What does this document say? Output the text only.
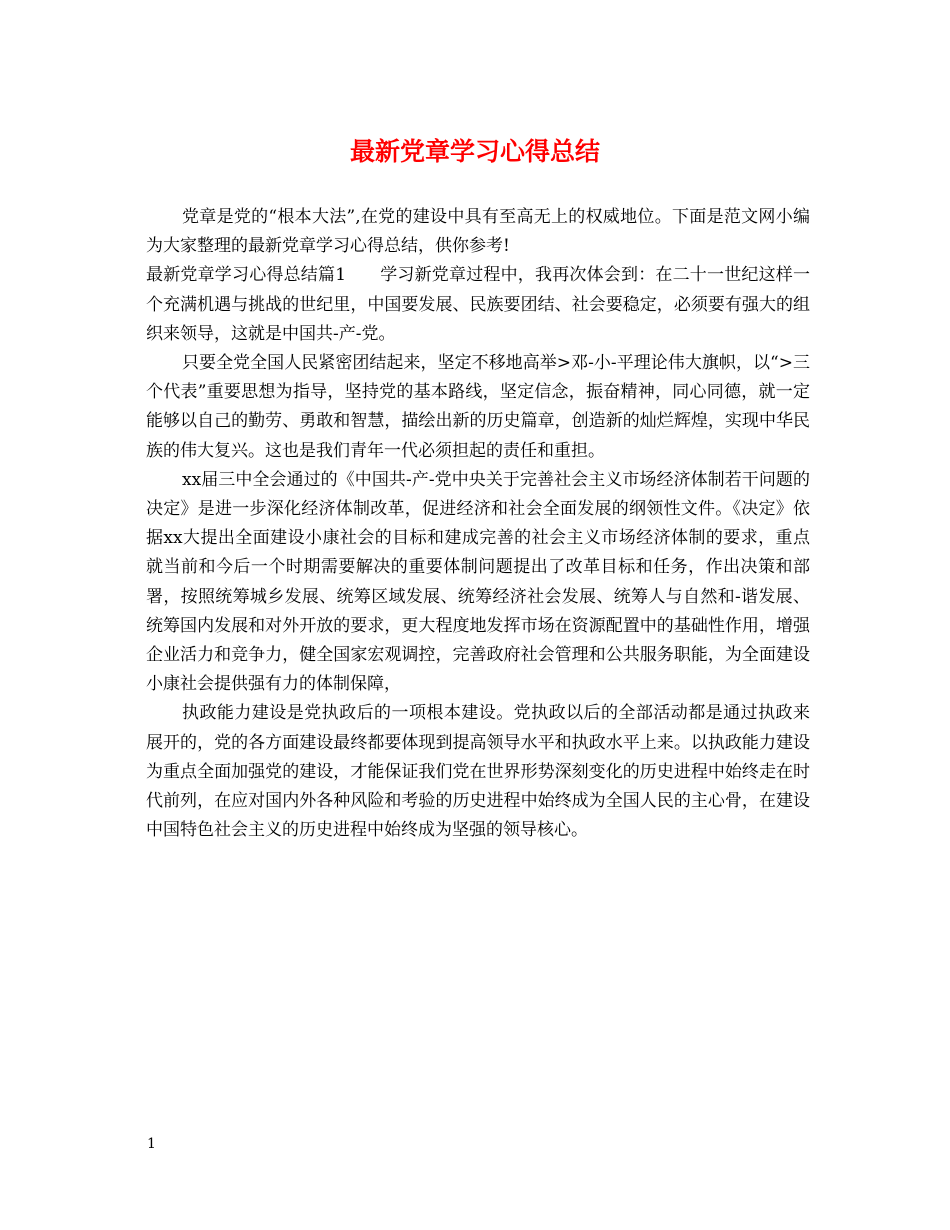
最新党章学习心得总结

党章是党的“根本大法”,在党的建设中具有至高无上的权威地位。下面是范文网小编为大家整理的最新党章学习心得总结，供你参考!

最新党章学习心得总结篇1 学习新党章过程中，我再次体会到：在二十一世纪这样一个充满机遇与挑战的世纪里，中国要发展、民族要团结、社会要稳定，必须要有强大的组织来领导，这就是中国共-产-党。

只要全党全国人民紧密团结起来，坚定不移地高举>邓-小-平理论伟大旗帜，以“>三个代表”重要思想为指导，坚持党的基本路线，坚定信念，振奋精神，同心同德，就一定能够以自己的勤劳、勇敢和智慧，描绘出新的历史篇章，创造新的灿烂辉煌，实现中华民族的伟大复兴。这也是我们青年一代必须担起的责任和重担。

xx届三中全会通过的《中国共-产-党中央关于完善社会主义市场经济体制若干问题的决定》是进一步深化经济体制改革，促进经济和社会全面发展的纲领性文件。《决定》依据xx大提出全面建设小康社会的目标和建成完善的社会主义市场经济体制的要求，重点就当前和今后一个时期需要解决的重要体制问题提出了改革目标和任务，作出决策和部署，按照统筹城乡发展、统筹区域发展、统筹经济社会发展、统筹人与自然和-谐发展、统筹国内发展和对外开放的要求，更大程度地发挥市场在资源配置中的基础性作用，增强企业活力和竞争力，健全国家宏观调控，完善政府社会管理和公共服务职能，为全面建设小康社会提供强有力的体制保障，

执政能力建设是党执政后的一项根本建设。党执政以后的全部活动都是通过执政来展开的，党的各方面建设最终都要体现到提高领导水平和执政水平上来。以执政能力建设为重点全面加强党的建设，才能保证我们党在世界形势深刻变化的历史进程中始终走在时代前列，在应对国内外各种风险和考验的历史进程中始终成为全国人民的主心骨，在建设中国特色社会主义的历史进程中始终成为坚强的领导核心。

1
